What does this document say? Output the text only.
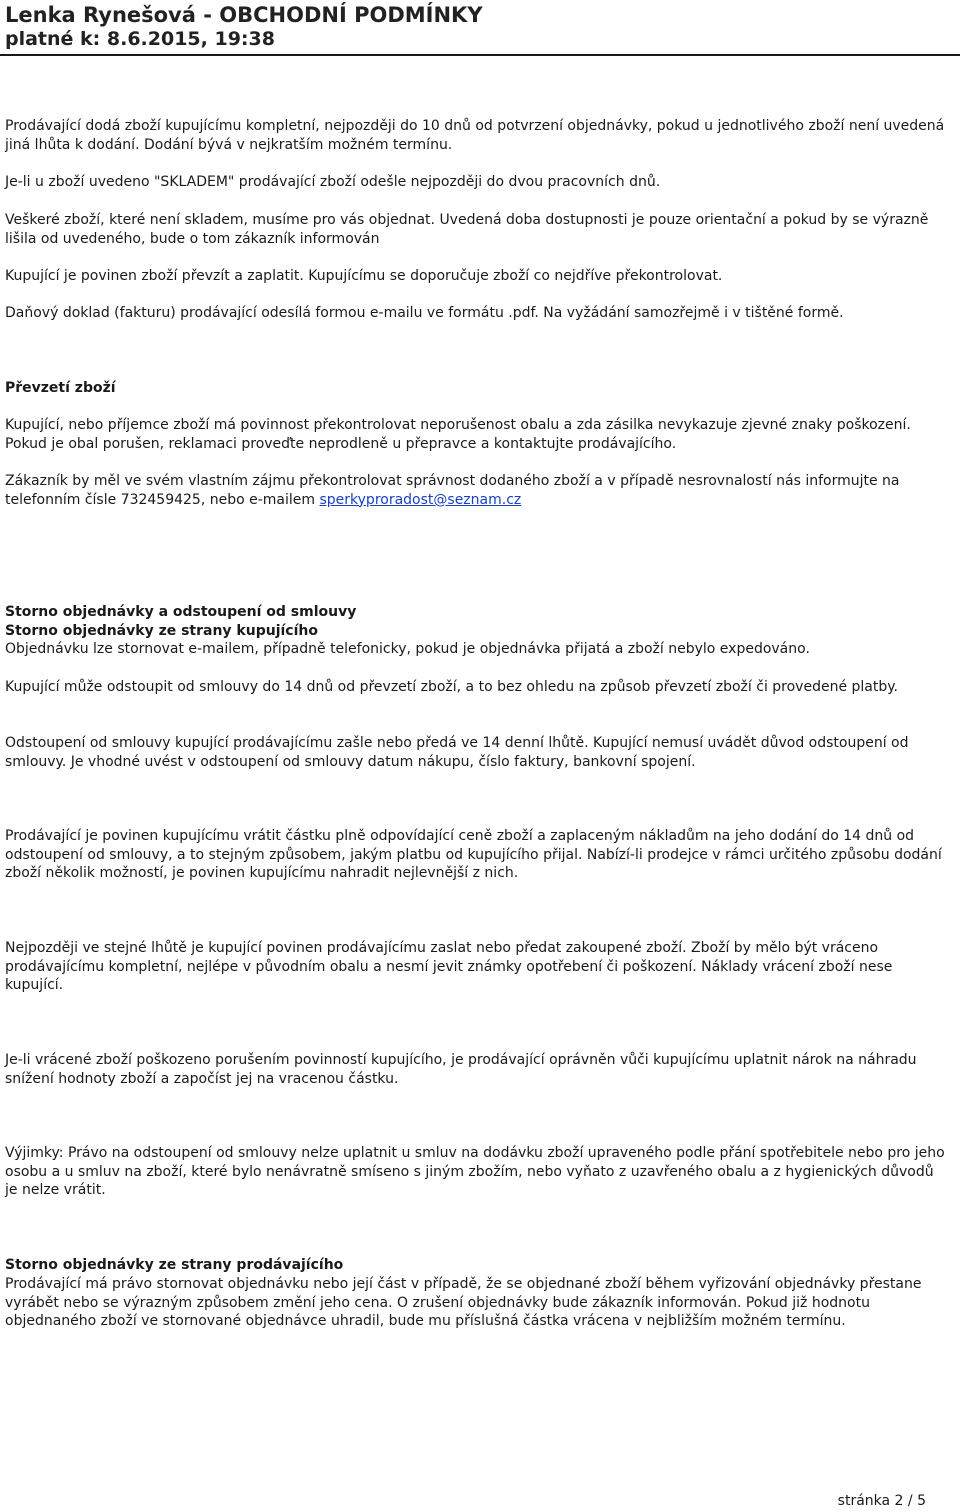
Lenka Rynešová - OBCHODNÍ PODMÍNKY
platné k: 8.6.2015, 19:38

Prodávající dodá zboží kupujícímu kompletní, nejpozději do 10 dnů od potvrzení objednávky, pokud u jednotlivého zboží není uvedená jiná lhůta k dodání. Dodání bývá v nejkratším možném termínu.

Je-li u zboží uvedeno "SKLADEM" prodávající zboží odešle nejpozději do dvou pracovních dnů.

Veškeré zboží, které není skladem, musíme pro vás objednat. Uvedená doba dostupnosti je pouze orientační a pokud by se výrazně lišila od uvedeného, bude o tom zákazník informován

Kupující je povinen zboží převzít a zaplatit. Kupujícímu se doporučuje zboží co nejdříve překontrolovat.

Daňový doklad (fakturu) prodávající odesílá formou e-mailu ve formátu .pdf. Na vyžádání samozřejmě i v tištěné formě.

Převzetí zboží

Kupující, nebo příjemce zboží má povinnost překontrolovat neporušenost obalu a zda zásilka nevykazuje zjevné znaky poškození. Pokud je obal porušen, reklamaci proveďte neprodleně u přepravce a kontaktujte prodávajícího.

Zákazník by měl ve svém vlastním zájmu překontrolovat správnost dodaného zboží a v případě nesrovnalostí nás informujte na telefonním čísle 732459425, nebo e-mailem sperkyproradost@seznam.cz

Storno objednávky a odstoupení od smlouvy

Storno objednávky ze strany kupujícího

Objednávku lze stornovat e-mailem, případně telefonicky, pokud je objednávka přijatá a zboží nebylo expedováno.

Kupující může odstoupit od smlouvy do 14 dnů od převzetí zboží, a to bez ohledu na způsob převzetí zboží či provedené platby.

Odstoupení od smlouvy kupující prodávajícímu zašle nebo předá ve 14 denní lhůtě. Kupující nemusí uvádět důvod odstoupení od smlouvy. Je vhodné uvést v odstoupení od smlouvy datum nákupu, číslo faktury, bankovní spojení.

Prodávající je povinen kupujícímu vrátit částku plně odpovídající ceně zboží a zaplaceným nákladům na jeho dodání do 14 dnů od odstoupení od smlouvy, a to stejným způsobem, jakým platbu od kupujícího přijal. Nabízí-li prodejce v rámci určitého způsobu dodání zboží několik možností, je povinen kupujícímu nahradit nejlevnější z nich.

Nejpozději ve stejné lhůtě je kupující povinen prodávajícímu zaslat nebo předat zakoupené zboží. Zboží by mělo být vráceno prodávajícímu kompletní, nejlépe v původním obalu a nesmí jevit známky opotřebení či poškození. Náklady vrácení zboží nese kupující.

Je-li vrácené zboží poškozeno porušením povinností kupujícího, je prodávající oprávněn vůči kupujícímu uplatnit nárok na náhradu snížení hodnoty zboží a započíst jej na vracenou částku.

Výjimky: Právo na odstoupení od smlouvy nelze uplatnit u smluv na dodávku zboží upraveného podle přání spotřebitele nebo pro jeho osobu a u smluv na zboží, které bylo nenávratně smíseno s jiným zbožím, nebo vyňato z uzavřeného obalu a z hygienických důvodů je nelze vrátit.

Storno objednávky ze strany prodávajícího

Prodávající má právo stornovat objednávku nebo její část v případě, že se objednané zboží během vyřizování objednávky přestane vyrábět nebo se výrazným způsobem změní jeho cena. O zrušení objednávky bude zákazník informován. Pokud již hodnotu objednaného zboží ve stornované objednávce uhradil, bude mu příslušná částka vrácena v nejbližším možném termínu.

stránka 2 / 5
